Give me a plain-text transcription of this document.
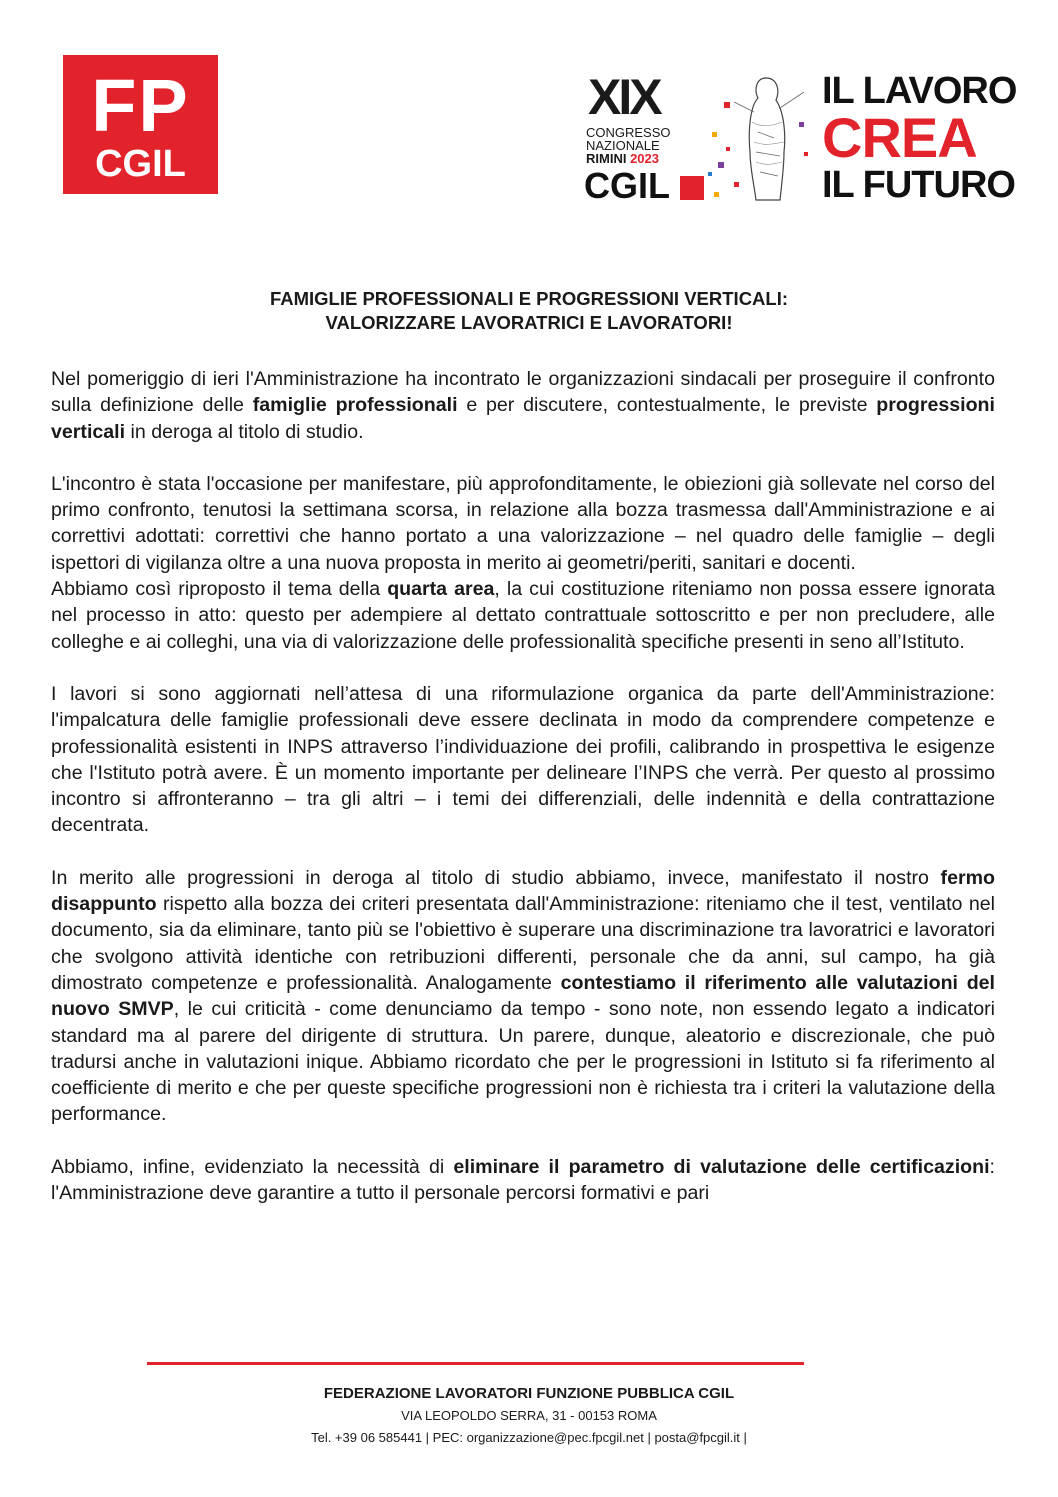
FP
CGIL
XIX
CONGRESSO
NAZIONALE
RIMINI 2023
CGIL
IL LAVORO
CREA
IL FUTURO
FAMIGLIE PROFESSIONALI E PROGRESSIONI VERTICALI:
VALORIZZARE LAVORATRICI E LAVORATORI!

Nel pomeriggio di ieri l'Amministrazione ha incontrato le organizzazioni sindacali per proseguire il confronto sulla definizione delle famiglie professionali e per discutere, contestualmente, le previste progressioni verticali in deroga al titolo di studio.

L'incontro è stata l'occasione per manifestare, più approfonditamente, le obiezioni già sollevate nel corso del primo confronto, tenutosi la settimana scorsa, in relazione alla bozza trasmessa dall'Amministrazione e ai correttivi adottati: correttivi che hanno portato a una valorizzazione – nel quadro delle famiglie – degli ispettori di vigilanza oltre a una nuova proposta in merito ai geometri/periti, sanitari e docenti.

Abbiamo così riproposto il tema della quarta area, la cui costituzione riteniamo non possa essere ignorata nel processo in atto: questo per adempiere al dettato contrattuale sottoscritto e per non precludere, alle colleghe e ai colleghi, una via di valorizzazione delle professionalità specifiche presenti in seno all’Istituto.

I lavori si sono aggiornati nell’attesa di una riformulazione organica da parte dell'Amministrazione: l'impalcatura delle famiglie professionali deve essere declinata in modo da comprendere competenze e professionalità esistenti in INPS attraverso l’individuazione dei profili, calibrando in prospettiva le esigenze che l'Istituto potrà avere. È un momento importante per delineare l’INPS che verrà. Per questo al prossimo incontro si affronteranno – tra gli altri – i temi dei differenziali, delle indennità e della contrattazione decentrata.

In merito alle progressioni in deroga al titolo di studio abbiamo, invece, manifestato il nostro fermo disappunto rispetto alla bozza dei criteri presentata dall'Amministrazione: riteniamo che il test, ventilato nel documento, sia da eliminare, tanto più se l'obiettivo è superare una discriminazione tra lavoratrici e lavoratori che svolgono attività identiche con retribuzioni differenti, personale che da anni, sul campo, ha già dimostrato competenze e professionalità. Analogamente contestiamo il riferimento alle valutazioni del nuovo SMVP, le cui criticità - come denunciamo da tempo - sono note, non essendo legato a indicatori standard ma al parere del dirigente di struttura. Un parere, dunque, aleatorio e discrezionale, che può tradursi anche in valutazioni inique. Abbiamo ricordato che per le progressioni in Istituto si fa riferimento al coefficiente di merito e che per queste specifiche progressioni non è richiesta tra i criteri la valutazione della performance.

Abbiamo, infine, evidenziato la necessità di eliminare il parametro di valutazione delle certificazioni: l'Amministrazione deve garantire a tutto il personale percorsi formativi e pari

FEDERAZIONE LAVORATORI FUNZIONE PUBBLICA CGIL
VIA LEOPOLDO SERRA, 31 - 00153 ROMA
Tel. +39 06 585441 | PEC: organizzazione@pec.fpcgil.net | posta@fpcgil.it |
